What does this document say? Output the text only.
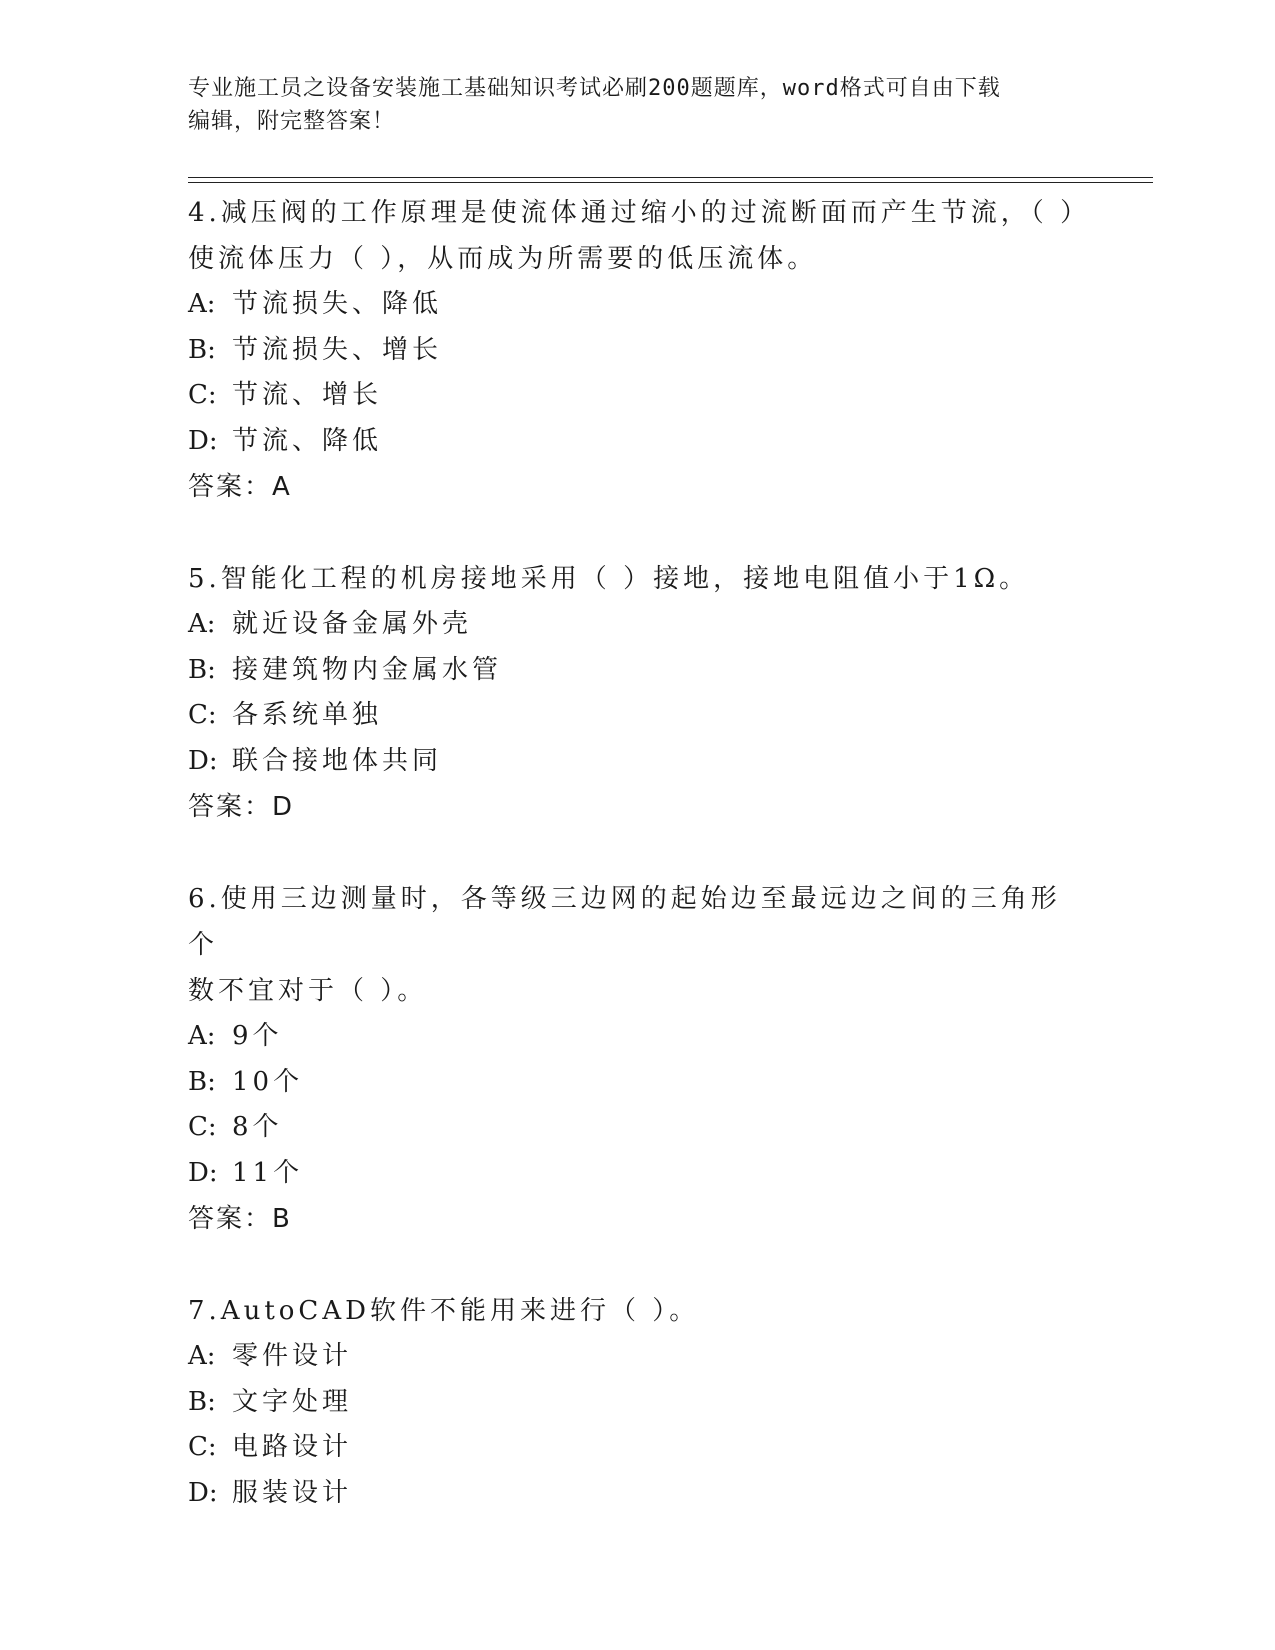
专业施工员之设备安装施工基础知识考试必刷200题题库，word格式可自由下载
编辑，附完整答案！

4.减压阀的工作原理是使流体通过缩小的过流断面而产生节流，（ ）

使流体压力（ ），从而成为所需要的低压流体。

A: 节流损失、降低

B: 节流损失、增长

C: 节流、增长

D: 节流、降低

答案：A

5.智能化工程的机房接地采用（ ）接地，接地电阻值小于1Ω。

A: 就近设备金属外壳

B: 接建筑物内金属水管

C: 各系统单独

D: 联合接地体共同

答案：D

6.使用三边测量时，各等级三边网的起始边至最远边之间的三角形个

数不宜对于（ ）。

A: 9个

B: 10个

C: 8个

D: 11个

答案：B

7.AutoCAD软件不能用来进行（ ）。

A: 零件设计

B: 文字处理

C: 电路设计

D: 服装设计
